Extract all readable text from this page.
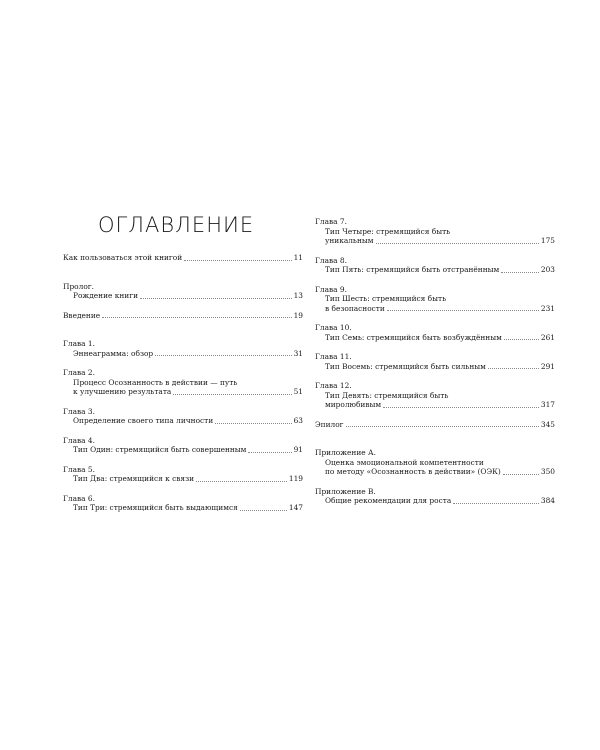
ОГЛАВЛЕНИЕ
Как пользоваться этой книгой	11
Пролог.
Рождение книги	13
Введение	19
Глава 1.
Эннеаграмма: обзор	31
Глава 2.
Процесс Осознанность в действии — путь
к улучшению результата	51
Глава 3.
Определение своего типа личности	63
Глава 4.
Тип Один: стремящийся быть совершенным	91
Глава 5.
Тип Два: стремящийся к связи	119
Глава 6.
Тип Три: стремящийся быть выдающимся	147
Глава 7.
Тип Четыре: стремящийся быть
уникальным	175
Глава 8.
Тип Пять: стремящийся быть отстранённым	203
Глава 9.
Тип Шесть: стремящийся быть
в безопасности	231
Глава 10.
Тип Семь: стремящийся быть возбуждённым	261
Глава 11.
Тип Восемь: стремящийся быть сильным	291
Глава 12.
Тип Девять: стремящийся быть
миролюбивым	317
Эпилог	345
Приложение А.
Оценка эмоциональной компетентности
по методу «Осознанность в действии» (ОЭК)	350
Приложение В.
Общие рекомендации для роста	384
